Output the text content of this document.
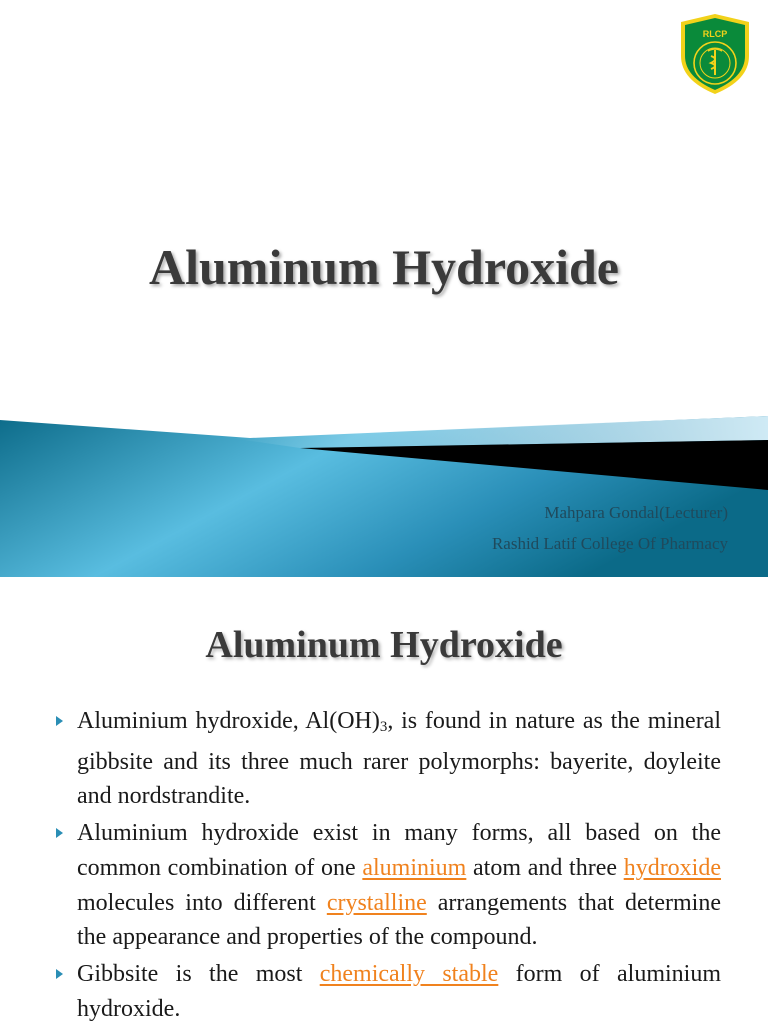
RLCP
Aluminum Hydroxide
Mahpara Gondal(Lecturer)
Rashid Latif College Of Pharmacy
Aluminum Hydroxide
Aluminium hydroxide, $Al(OH)_3$, is found in nature as the mineral gibbsite and its three much rarer polymorphs: bayerite, doyleite and nordstrandite.
Aluminium hydroxide exist in many forms, all based on the common combination of one aluminium atom and three hydroxide molecules into different crystalline arrangements that determine the appearance and properties of the compound.
Gibbsite is the most chemically stable form of aluminium hydroxide.
